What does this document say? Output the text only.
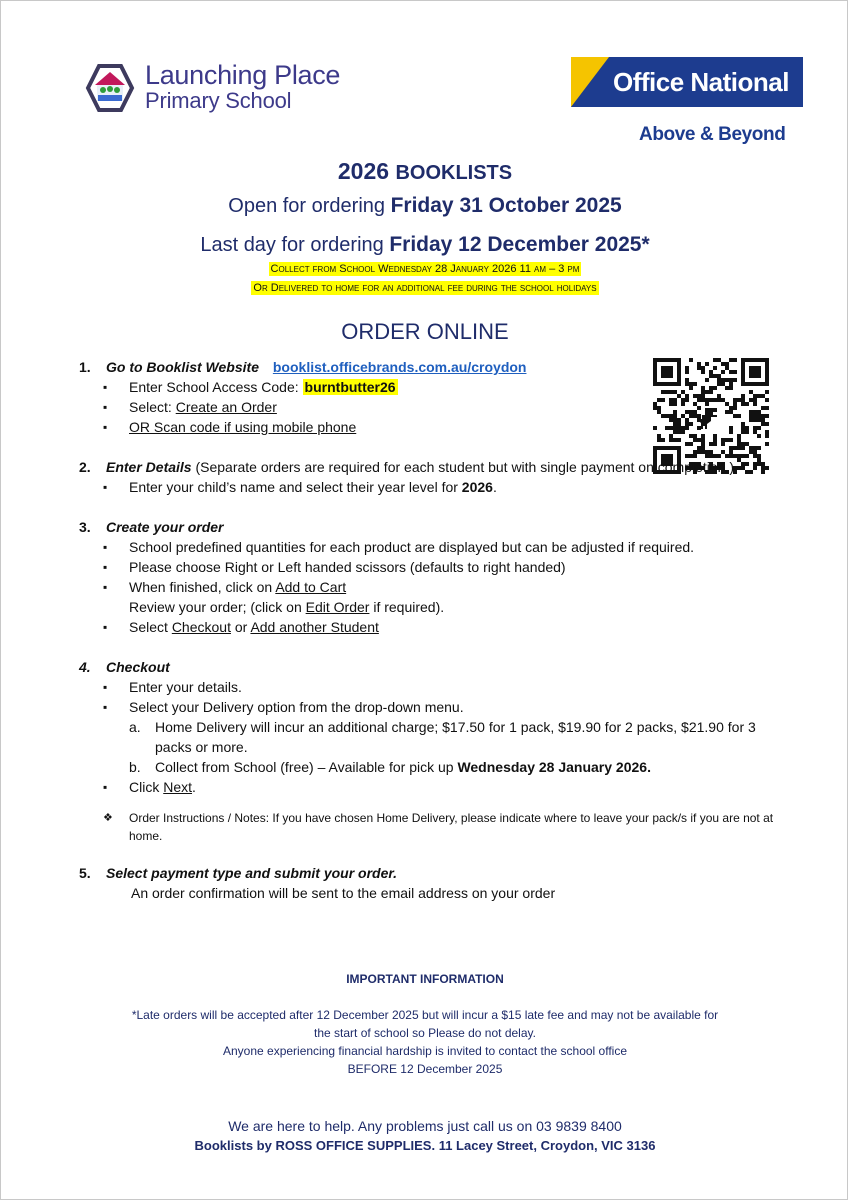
Launching Place
Primary School
Office National
Above & Beyond
2026 BOOKLISTS
Open for ordering Friday 31 October 2025
Last day for ordering Friday 12 December 2025*
Collect from School Wednesday 28 January 2026 11 am – 3 pm
Or Delivered to home for an additional fee during the school holidays
ORDER ONLINE
1. Go to Booklist Website booklist.officebrands.com.au/croydon
▪ Enter School Access Code: burntbutter26
▪ Select: Create an Order
▪ OR Scan code if using mobile phone
2. Enter Details (Separate orders are required for each student but with single payment on completion.)
▪ Enter your child’s name and select their year level for 2026.
3. Create your order
▪ School predefined quantities for each product are displayed but can be adjusted if required.
▪ Please choose Right or Left handed scissors (defaults to right handed)
▪ When finished, click on Add to Cart
Review your order; (click on Edit Order if required).
▪ Select Checkout or Add another Student
4. Checkout
▪ Enter your details.
▪ Select your Delivery option from the drop-down menu.
a. Home Delivery will incur an additional charge; $17.50 for 1 pack, $19.90 for 2 packs, $21.90 for 3 packs or more.
b. Collect from School (free) – Available for pick up Wednesday 28 January 2026.
▪ Click Next.
❖ Order Instructions / Notes: If you have chosen Home Delivery, please indicate where to leave your pack/s if you are not at home.
5. Select payment type and submit your order.
An order confirmation will be sent to the email address on your order
IMPORTANT INFORMATION
*Late orders will be accepted after 12 December 2025 but will incur a $15 late fee and may not be available for
the start of school so Please do not delay.
Anyone experiencing financial hardship is invited to contact the school office
BEFORE 12 December 2025
We are here to help. Any problems just call us on 03 9839 8400
Booklists by ROSS OFFICE SUPPLIES. 11 Lacey Street, Croydon, VIC 3136
